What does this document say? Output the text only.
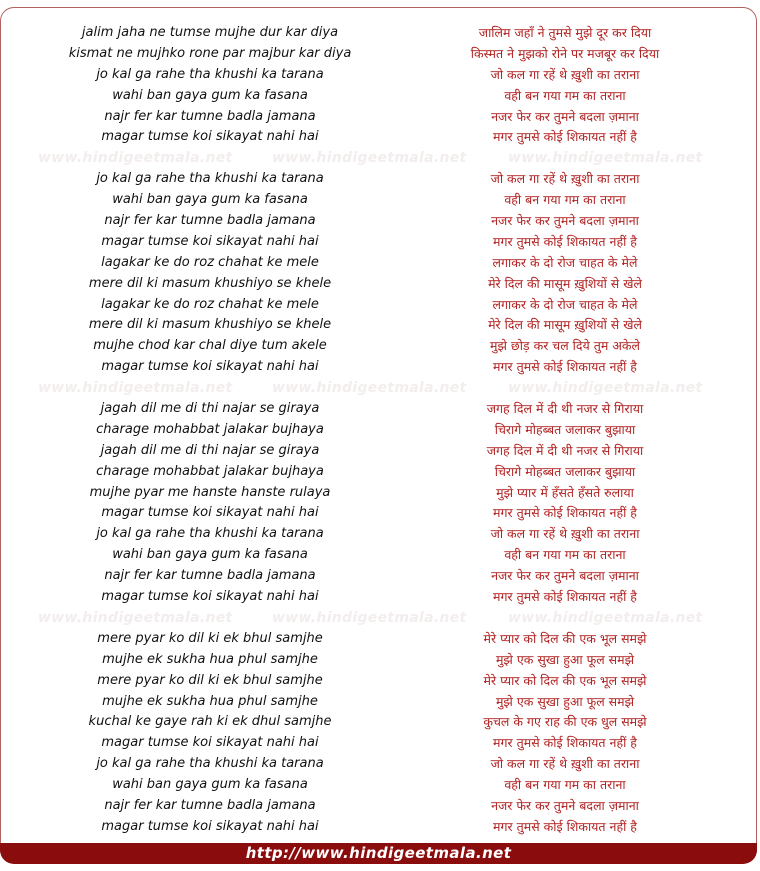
jalim jaha ne tumse mujhe dur kar diya	जालिम जहाँ ने तुमसे मुझे दूर कर दिया
kismat ne mujhko rone par majbur kar diya	किस्मत ने मुझको रोने पर मजबूर कर दिया
jo kal ga rahe tha khushi ka tarana	जो कल गा रहें थे ख़ुशी का तराना
wahi ban gaya gum ka fasana	वही बन गया गम का तराना
najr fer kar tumne badla jamana	नजर फेर कर तुमने बदला ज़माना
magar tumse koi sikayat nahi hai	मगर तुमसे कोई शिकायत नहीं है
www.hindigeetmala.net	www.hindigeetmala.net	www.hindigeetmala.net
jo kal ga rahe tha khushi ka tarana	जो कल गा रहें थे ख़ुशी का तराना
wahi ban gaya gum ka fasana	वही बन गया गम का तराना
najr fer kar tumne badla jamana	नजर फेर कर तुमने बदला ज़माना
magar tumse koi sikayat nahi hai	मगर तुमसे कोई शिकायत नहीं है
lagakar ke do roz chahat ke mele	लगाकर के दो रोज चाहत के मेले
mere dil ki masum khushiyo se khele	मेरे दिल की मासूम ख़ुशियों से खेले
lagakar ke do roz chahat ke mele	लगाकर के दो रोज चाहत के मेले
mere dil ki masum khushiyo se khele	मेरे दिल की मासूम ख़ुशियों से खेले
mujhe chod kar chal diye tum akele	मुझे छोड़ कर चल दिये तुम अकेले
magar tumse koi sikayat nahi hai	मगर तुमसे कोई शिकायत नहीं है
www.hindigeetmala.net	www.hindigeetmala.net	www.hindigeetmala.net
jagah dil me di thi najar se giraya	जगह दिल में दी थी नजर से गिराया
charage mohabbat jalakar bujhaya	चिरागे मोहब्बत जलाकर बुझाया
jagah dil me di thi najar se giraya	जगह दिल में दी थी नजर से गिराया
charage mohabbat jalakar bujhaya	चिरागे मोहब्बत जलाकर बुझाया
mujhe pyar me hanste hanste rulaya	मुझे प्यार में हँसते हँसते रुलाया
magar tumse koi sikayat nahi hai	मगर तुमसे कोई शिकायत नहीं है
jo kal ga rahe tha khushi ka tarana	जो कल गा रहें थे ख़ुशी का तराना
wahi ban gaya gum ka fasana	वही बन गया गम का तराना
najr fer kar tumne badla jamana	नजर फेर कर तुमने बदला ज़माना
magar tumse koi sikayat nahi hai	मगर तुमसे कोई शिकायत नहीं है
www.hindigeetmala.net	www.hindigeetmala.net	www.hindigeetmala.net
mere pyar ko dil ki ek bhul samjhe	मेरे प्यार को दिल की एक भूल समझे
mujhe ek sukha hua phul samjhe	मुझे एक सुखा हुआ फूल समझे
mere pyar ko dil ki ek bhul samjhe	मेरे प्यार को दिल की एक भूल समझे
mujhe ek sukha hua phul samjhe	मुझे एक सुखा हुआ फूल समझे
kuchal ke gaye rah ki ek dhul samjhe	कुचल के गए राह की एक धुल समझे
magar tumse koi sikayat nahi hai	मगर तुमसे कोई शिकायत नहीं है
jo kal ga rahe tha khushi ka tarana	जो कल गा रहें थे ख़ुशी का तराना
wahi ban gaya gum ka fasana	वही बन गया गम का तराना
najr fer kar tumne badla jamana	नजर फेर कर तुमने बदला ज़माना
magar tumse koi sikayat nahi hai	मगर तुमसे कोई शिकायत नहीं है
http://www.hindigeetmala.net
